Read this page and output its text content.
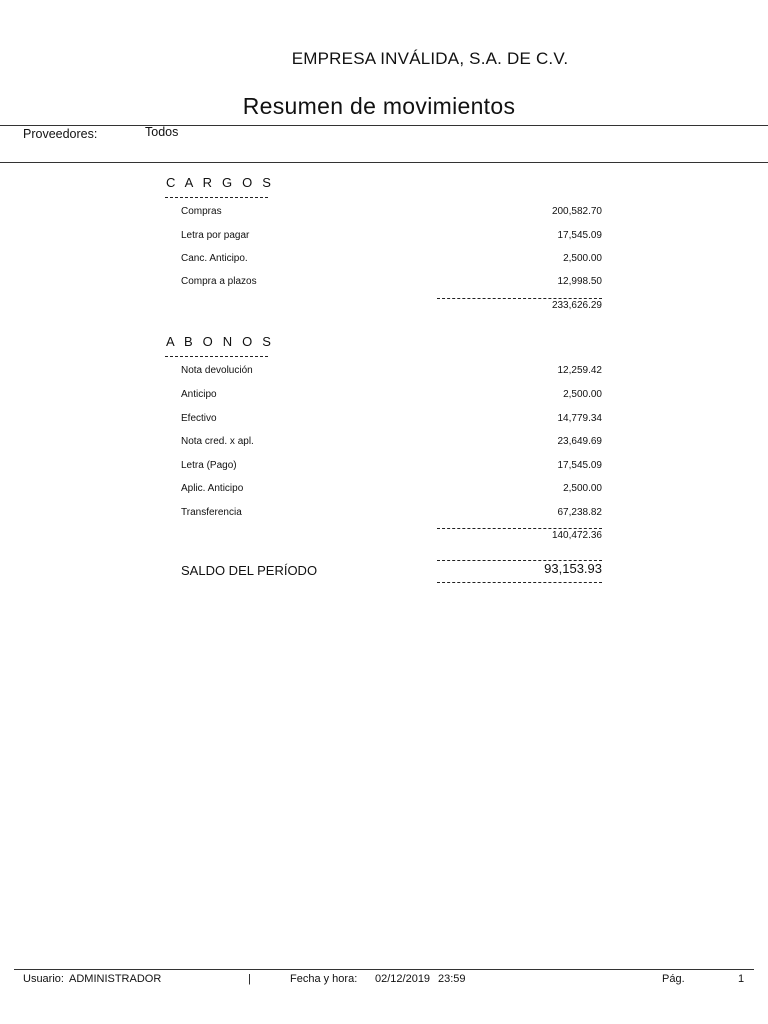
EMPRESA INVÁLIDA, S.A. DE C.V.
Resumen de movimientos
Proveedores:	Todos
C A R G O S
Compras	200,582.70
Letra por pagar	17,545.09
Canc. Anticipo.	2,500.00
Compra a plazos	12,998.50
233,626.29
A B O N O S
Nota devolución	12,259.42
Anticipo	2,500.00
Efectivo	14,779.34
Nota cred. x apl.	23,649.69
Letra (Pago)	17,545.09
Aplic. Anticipo	2,500.00
Transferencia	67,238.82
140,472.36
SALDO DEL PERÍODO	93,153.93
Usuario: ADMINISTRADOR	|	Fecha y hora: 02/12/2019 23:59	Pág.	1
